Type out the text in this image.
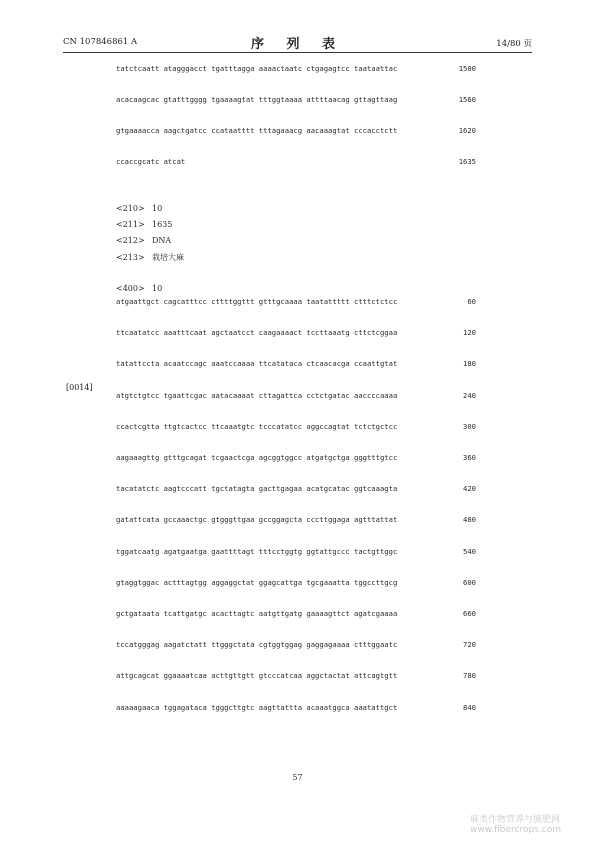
CN 107846861 A	序 列 表	14/80 页
tatctcaatt atagggacct tgatttagga aaaactaatc ctgagagtcc taataattac	1500
acacaagcac gtatttgggg tgaaaagtat tttggtaaaa attttaacag gttagttaag	1560
gtgaaaacca aagctgatcc ccataatttt tttagaaacg aacaaagtat cccacctctt	1620
ccaccgcatc atcat	1635
<210> 10
<211> 1635
<212> DNA
<213> 栽培大麻
<400> 10
[0014]
atgaattgct cagcatttcc cttttggttt gtttgcaaaa taatattttt ctttctctcc	60
ttcaatatcc aaatttcaat agctaatcct caagaaaact tccttaaatg cttctcggaa	120
tatattccta acaatccagc aaatccaaaa ttcatataca ctcaacacga ccaattgtat	180
atgtctgtcc tgaattcgac aatacaaaat cttagattca cctctgatac aaccccaaaa	240
ccactcgtta ttgtcactcc ttcaaatgtc tcccatatcc aggccagtat tctctgctcc	300
aagaaagttg gtttgcagat tcgaactcga agcggtggcc atgatgctga gggtttgtcc	360
tacatatctc aagtcccatt tgctatagta gacttgagaa acatgcatac ggtcaaagta	420
gatattcata gccaaactgc gtgggttgaa gccggagcta cccttggaga agtttattat	480
tggatcaatg agatgaatga gaattttagt tttcctggtg ggtattgccc tactgttggc	540
gtaggtggac actttagtgg aggaggctat ggagcattga tgcgaaatta tggccttgcg	600
gctgataata tcattgatgc acacttagtc aatgttgatg gaaaagttct agatcgaaaa	660
tccatgggag aagatctatt ttgggctata cgtggtggag gaggagaaaa ctttggaatc	720
attgcagcat ggaaaatcaa acttgttgtt gtcccatcaa aggctactat attcagtgtt	780
aaaaagaaca tggagataca tgggcttgtc aagttattta acaaatggca aaatattgct	840
57
麻类作物营养与施肥网
www.fibercrops.com
